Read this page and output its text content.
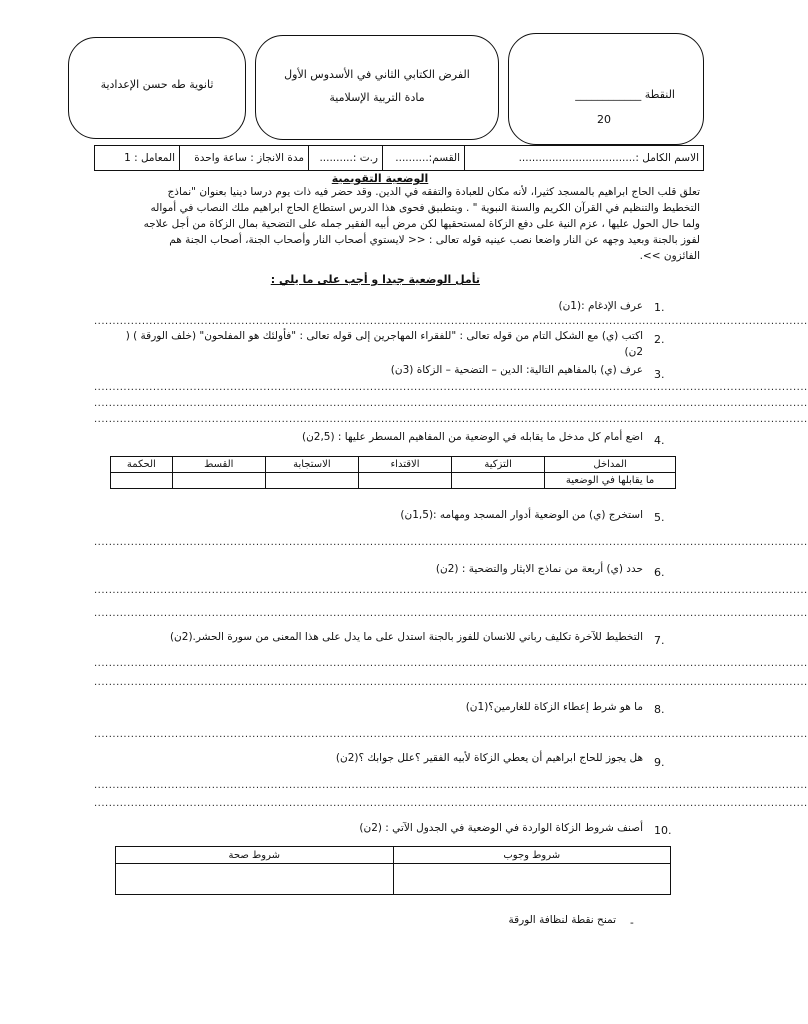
ثانوية طه حسن الإعدادية
الفرض الكتابي الثاني في الأسدوس الأول
مادة التربية الإسلامية	النقطة ____________
20
الاسم الكامل :...................................
القسم:..........
ر.ت :..........
مدة الانجاز : ساعة واحدة
المعامل : 1
الوضعية التقويمية
تعلق قلب الحاج ابراهيم بالمسجد كثيرا، لأنه مكان للعبادة والتفقه في الدين. وقد حضر فيه ذات يوم درسا دينيا بعنوان "نماذج
التخطيط والتنظيم في القرآن الكريم والسنة النبوية " . وبتطبيق فحوى هذا الدرس استطاع الحاج ابراهيم ملك النصاب في أمواله
ولما حال الحول عليها ، عزم النية على دفع الزكاة لمستحقيها لكن مرض أبيه الفقير جمله على التضحية بمال الزكاة من أجل علاجه
لفوز بالجنة وبعيد وجهه عن النار واضعا نصب عينيه قوله تعالى : << لايستوي أصحاب النار وأصحاب الجنة، أصحاب الجنة هم
الفائزون >>.
تأمل الوضعية جيدا و أجب على ما يلي :
1.
عرف الإدغام :(1ن)
..................................................................................................................................................................................................
2.
اكتب (ي) مع الشكل التام من قوله تعالى : "للفقراء المهاجرين إلى قوله تعالى : "فأولئك هو المفلحون" (خلف الورقة ) (
2ن)
3.
عرف (ي) بالمفاهيم التالية: الدين – التضحية – الزكاة (3ن)
..................................................................................................................................................................................................
..................................................................................................................................................................................................
..................................................................................................................................................................................................
4.
اضع أمام كل مدخل ما يقابله في الوضعية من المفاهيم المسطر عليها : (2,5ن)
الحكمة	القسط	الاستجابة	الاقتداء	التزكية	المداخل
					ما يقابلها في الوضعية
5.
استخرج (ي) من الوضعية أدوار المسجد ومهامه :(1,5ن)
..................................................................................................................................................................................................
6.
حدد (ي) أربعة من نماذج الايثار والتضحية : (2ن)
..................................................................................................................................................................................................
..................................................................................................................................................................................................
7.
التخطيط للآخرة تكليف رباني للانسان للفوز بالجنة استدل على ما يدل على هذا المعنى من سورة الحشر.(2ن)
..................................................................................................................................................................................................
..................................................................................................................................................................................................
8.
ما هو شرط إعطاء الزكاة للغارمين؟(1ن)
..................................................................................................................................................................................................
9.
هل يجوز للحاج ابراهيم أن يعطي الزكاة لأبيه الفقير ؟علل جوابك ؟(2ن)
..................................................................................................................................................................................................
..................................................................................................................................................................................................
10.
أصنف شروط الزكاة الواردة في الوضعية في الجدول الآتي : (2ن)
شروط صحة	شروط وجوب

-
تمنح نقطة لنظافة الورقة
